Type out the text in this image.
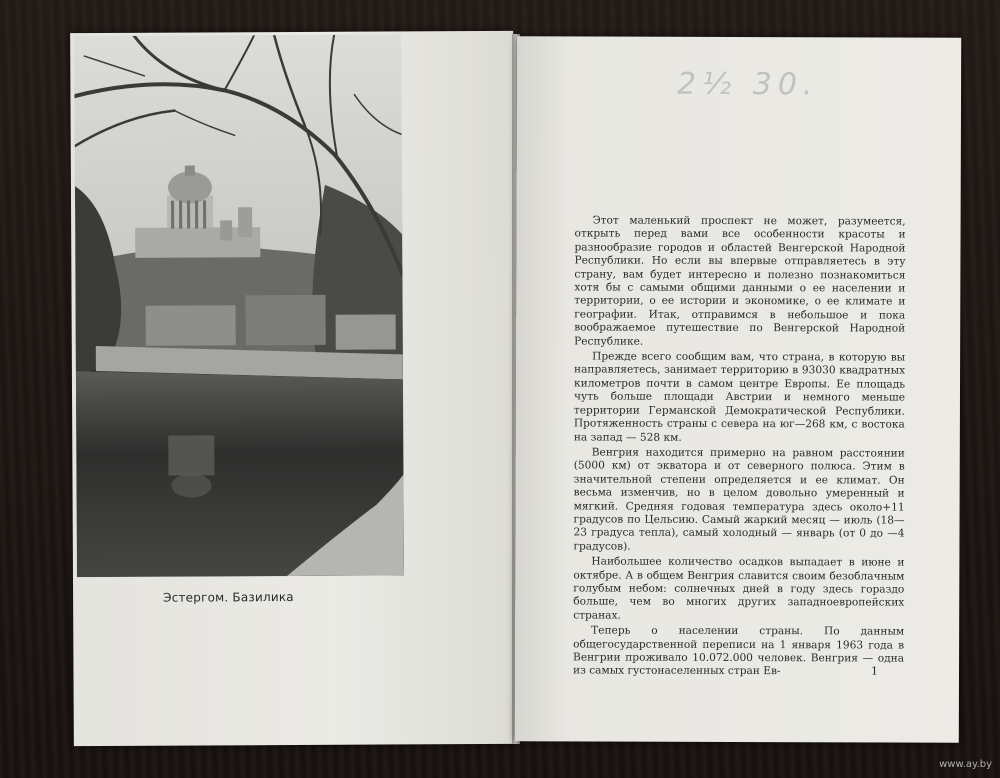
Эстергом. Базилика
2½ 30.

Этот маленький проспект не может, разумеется, открыть перед вами все особенности красоты и разнообразие городов и областей Венгерской Народной Республики. Но если вы впервые отправляетесь в эту страну, вам будет интересно и полезно познакомиться хотя бы с самыми общими данными о ее населении и территории, о ее истории и экономике, о ее климате и географии. Итак, отправимся в небольшое и пока воображаемое путешествие по Венгерской Народной Республике.

Прежде всего сообщим вам, что страна, в которую вы направляетесь, занимает территорию в 93030 квадратных километров почти в самом центре Европы. Ее площадь чуть больше площади Австрии и немного меньше территории Германской Демократической Республики. Протяженность страны с севера на юг—268 км, с востока на запад — 528 км.

Венгрия находится примерно на равном расстоянии (5000 км) от экватора и от северного полюса. Этим в значительной степени определяется и ее климат. Он весьма изменчив, но в целом довольно умеренный и мягкий. Средняя годовая температура здесь около+11 градусов по Цельсию. Самый жаркий месяц — июль (18—23 градуса тепла), самый холодный — январь (от 0 до —4 градусов).

Наибольшее количество осадков выпадает в июне и октябре. А в общем Венгрия славится своим безоблачным голубым небом: солнечных дней в году здесь гораздо больше, чем во многих других западноевропейских странах.

Теперь о населении страны. По данным общегосударственной переписи на 1 января 1963 года в Венгрии проживало 10.072.000 человек. Венгрия — одна из самых густонаселенных стран Ев-	1
www.ay.by
